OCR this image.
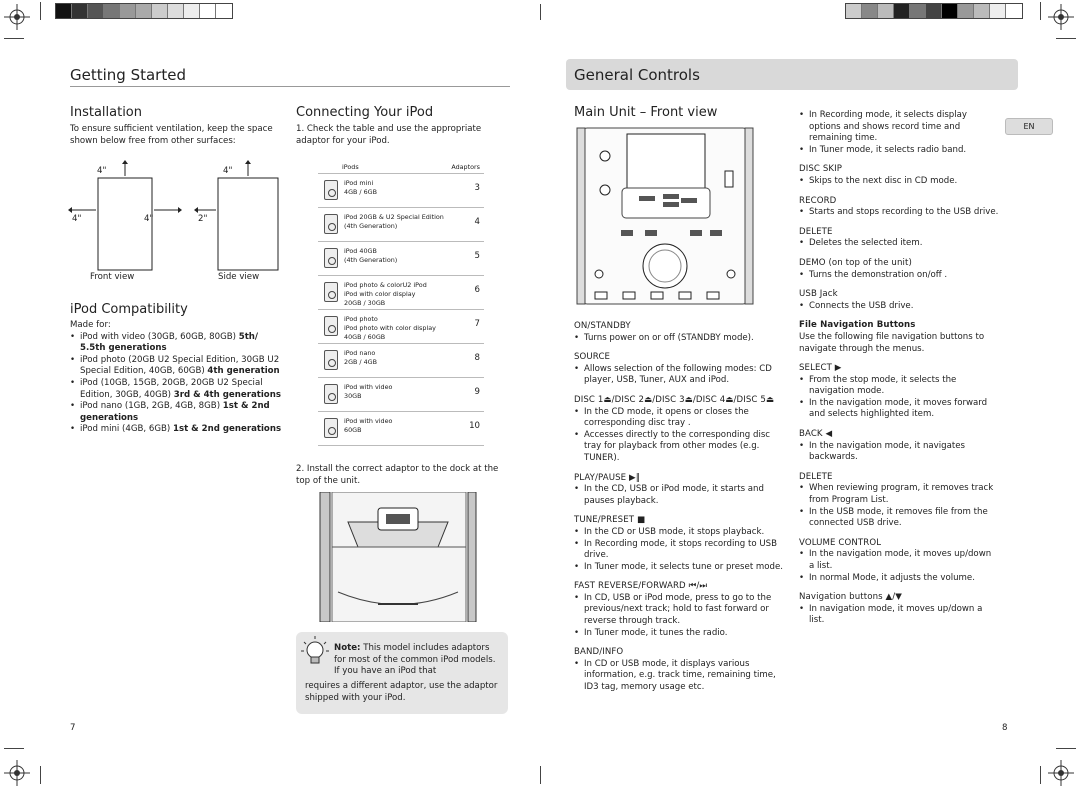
Getting Started
Installation
To ensure sufficient ventilation, keep the space shown below free from other surfaces:
4"	4"
4"	4"	2"
Front view	Side view
iPod Compatibility
Made for:
• iPod with video (30GB, 60GB, 80GB) 5th/ 5.5th generations
• iPod photo (20GB U2 Special Edition, 30GB U2 Special Edition, 40GB, 60GB) 4th generation
• iPod (10GB, 15GB, 20GB, 20GB U2 Special Edition, 30GB, 40GB) 3rd & 4th generations
• iPod nano (1GB, 2GB, 4GB, 8GB) 1st & 2nd generations
• iPod mini (4GB, 6GB) 1st & 2nd generations
Connecting Your iPod
1. Check the table and use the appropriate adaptor for your iPod.
iPods	Adaptors
iPod mini
4GB / 6GB	3
iPod 20GB & U2 Special Edition
(4th Generation)	4
iPod 40GB
(4th Generation)	5
iPod photo & colorU2 iPod
iPod with color display
20GB / 30GB
6
iPod photo
iPod photo with color display
40GB / 60GB
7
iPod nano
2GB / 4GB	8
iPod with video
30GB	9
iPod with video
60GB	10
2. Install the correct adaptor to the dock at the top of the unit.
Note: This model includes adaptors for most of the common iPod models. If you have an iPod that
requires a different adaptor, use the adaptor shipped with your iPod.
7
General Controls
EN
Main Unit – Front view
ON/STANDBY
• Turns power on or off (STANDBY mode).
SOURCE
• Allows selection of the following modes: CD player, USB, Tuner, AUX and iPod.
DISC 1⏏/DISC 2⏏/DISC 3⏏/DISC 4⏏/DISC 5⏏
• In the CD mode, it opens or closes the corresponding disc tray .
• Accesses directly to the corresponding disc tray for playback from other modes (e.g. TUNER).
PLAY/PAUSE ▶‖
• In the CD, USB or iPod mode, it starts and pauses playback.
TUNE/PRESET ■
• In the CD or USB mode, it stops playback.
• In Recording mode, it stops recording to USB drive.
• In Tuner mode, it selects tune or preset mode.
FAST REVERSE/FORWARD ⏮/⏭
• In CD, USB or iPod mode, press to go to the previous/next track; hold to fast forward or reverse through track.
• In Tuner mode, it tunes the radio.
BAND/INFO
• In CD or USB mode, it displays various information, e.g. track time, remaining time, ID3 tag, memory usage etc.
• In Recording mode, it selects display options and shows record time and remaining time.
• In Tuner mode, it selects radio band.
DISC SKIP
• Skips to the next disc in CD mode.
RECORD
• Starts and stops recording to the USB drive.
DELETE
• Deletes the selected item.
DEMO (on top of the unit)
• Turns the demonstration on/off .
USB Jack
• Connects the USB drive.
File Navigation Buttons
Use the following file navigation buttons to navigate through the menus.
SELECT ▶
• From the stop mode, it selects the navigation mode.
• In the navigation mode, it moves forward and selects highlighted item.
BACK ◀
• In the navigation mode, it navigates backwards.
DELETE
• When reviewing program, it removes track from Program List.
• In the USB mode, it removes file from the connected USB drive.
VOLUME CONTROL
• In the navigation mode, it moves up/down a list.
• In normal Mode, it adjusts the volume.
Navigation buttons ▲/▼
• In navigation mode, it moves up/down a list.
8
